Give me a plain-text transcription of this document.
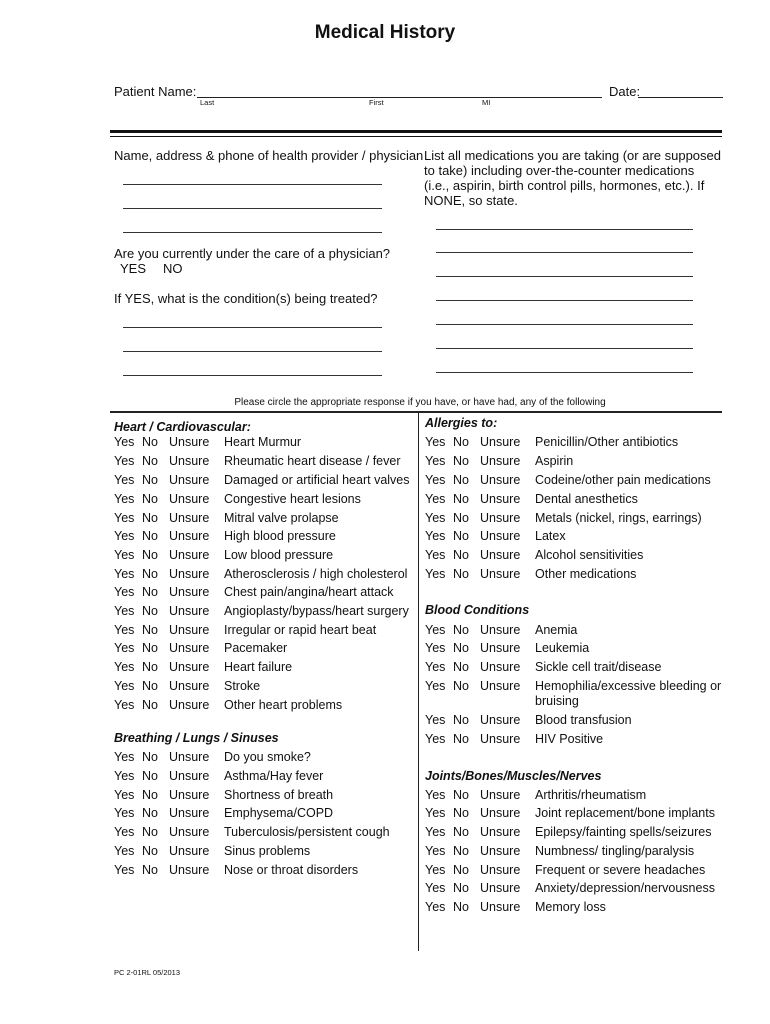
Medical History
Patient Name:	Date:
Last	First	MI
Name, address & phone of health provider / physician List all medications you are taking (or are supposed to take) including over-the-counter medications (i.e., aspirin, birth control pills, hormones, etc.). If NONE, so state.
Are you currently under the care of a physician?
YES NO
If YES, what is the condition(s) being treated?
Please circle the appropriate response if you have, or have had, any of the following
Heart / Cardiovascular:
Yes No Unsure Heart Murmur
Yes No Unsure Rheumatic heart disease / fever
Yes No Unsure Damaged or artificial heart valves
Yes No Unsure Congestive heart lesions
Yes No Unsure Mitral valve prolapse
Yes No Unsure High blood pressure
Yes No Unsure Low blood pressure
Yes No Unsure Atherosclerosis / high cholesterol
Yes No Unsure Chest pain/angina/heart attack
Yes No Unsure Angioplasty/bypass/heart surgery
Yes No Unsure Irregular or rapid heart beat
Yes No Unsure Pacemaker
Yes No Unsure Heart failure
Yes No Unsure Stroke
Yes No Unsure Other heart problems
Breathing / Lungs / Sinuses
Yes No Unsure Do you smoke?
Yes No Unsure Asthma/Hay fever
Yes No Unsure Shortness of breath
Yes No Unsure Emphysema/COPD
Yes No Unsure Tuberculosis/persistent cough
Yes No Unsure Sinus problems
Yes No Unsure Nose or throat disorders
Allergies to:
Yes No Unsure Penicillin/Other antibiotics
Yes No Unsure Aspirin
Yes No Unsure Codeine/other pain medications
Yes No Unsure Dental anesthetics
Yes No Unsure Metals (nickel, rings, earrings)
Yes No Unsure Latex
Yes No Unsure Alcohol sensitivities
Yes No Unsure Other medications
Blood Conditions
Yes No Unsure Anemia
Yes No Unsure Leukemia
Yes No Unsure Sickle cell trait/disease
Yes No Unsure Hemophilia/excessive bleeding or bruising
Yes No Unsure Blood transfusion
Yes No Unsure HIV Positive
Joints/Bones/Muscles/Nerves
Yes No Unsure Arthritis/rheumatism
Yes No Unsure Joint replacement/bone implants
Yes No Unsure Epilepsy/fainting spells/seizures
Yes No Unsure Numbness/ tingling/paralysis
Yes No Unsure Frequent or severe headaches
Yes No Unsure Anxiety/depression/nervousness
Yes No Unsure Memory loss
PC 2-01RL 05/2013
